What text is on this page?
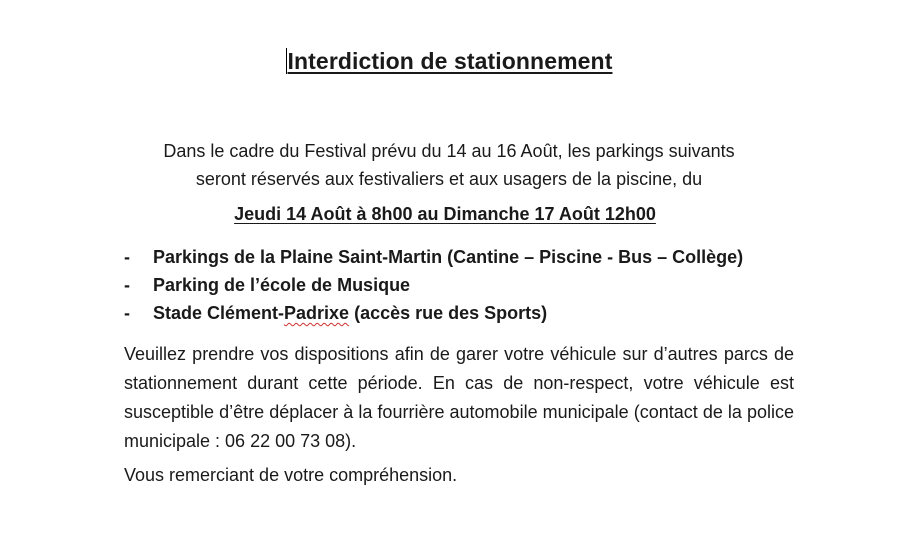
Interdiction de stationnement
Dans le cadre du Festival prévu du 14 au 16 Août, les parkings suivants
seront réservés aux festivaliers et aux usagers de la piscine, du
Jeudi 14 Août à 8h00 au Dimanche 17 Août 12h00
- Parkings de la Plaine Saint-Martin (Cantine – Piscine - Bus – Collège)
- Parking de l’école de Musique
- Stade Clément-Padrixe (accès rue des Sports)
Veuillez prendre vos dispositions afin de garer votre véhicule sur d’autres parcs de stationnement durant cette période. En cas de non-respect, votre véhicule est susceptible d’être déplacer à la fourrière automobile municipale (contact de la police municipale : 06 22 00 73 08).
Vous remerciant de votre compréhension.
